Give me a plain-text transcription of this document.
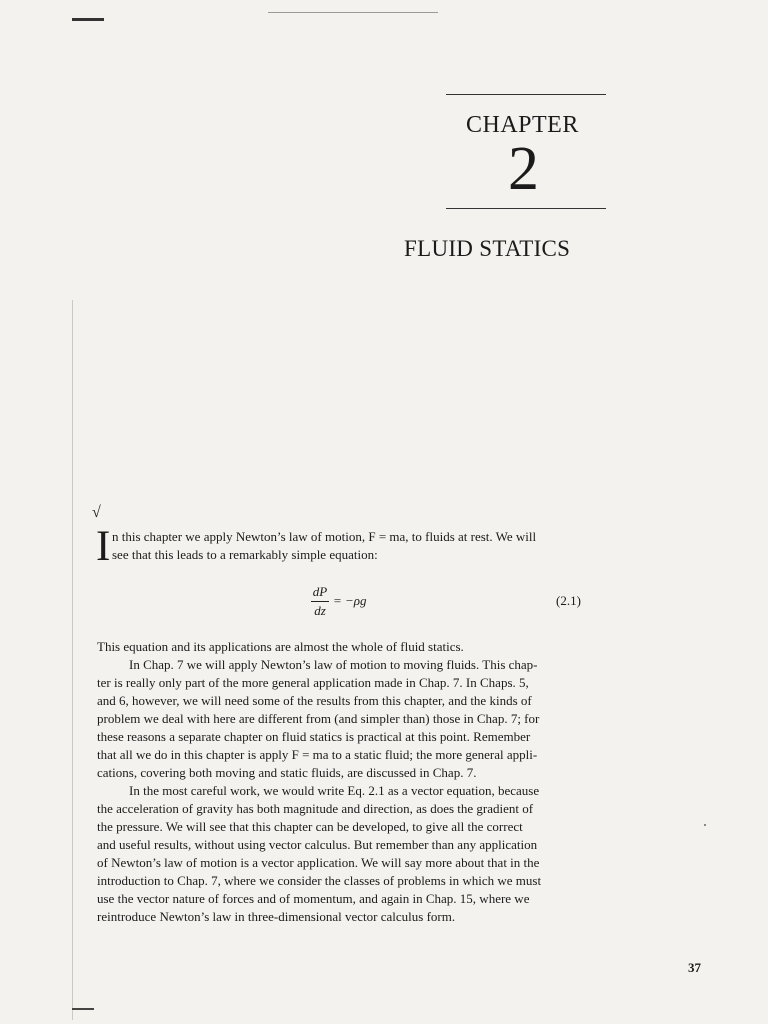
CHAPTER
2
FLUID STATICS
√
I n this chapter we apply Newton’s law of motion, F = ma, to fluids at rest. We will
see that this leads to a remarkably simple equation:
dP
dz
= −ρg	(2.1)
This equation and its applications are almost the whole of fluid statics.
In Chap. 7 we will apply Newton’s law of motion to moving fluids. This chap-
ter is really only part of the more general application made in Chap. 7. In Chaps. 5,
and 6, however, we will need some of the results from this chapter, and the kinds of
problem we deal with here are different from (and simpler than) those in Chap. 7; for
these reasons a separate chapter on fluid statics is practical at this point. Remember
that all we do in this chapter is apply F = ma to a static fluid; the more general appli-
cations, covering both moving and static fluids, are discussed in Chap. 7.
In the most careful work, we would write Eq. 2.1 as a vector equation, because
the acceleration of gravity has both magnitude and direction, as does the gradient of
the pressure. We will see that this chapter can be developed, to give all the correct
and useful results, without using vector calculus. But remember than any application
of Newton’s law of motion is a vector application. We will say more about that in the
introduction to Chap. 7, where we consider the classes of problems in which we must
use the vector nature of forces and of momentum, and again in Chap. 15, where we
reintroduce Newton’s law in three-dimensional vector calculus form.
37
